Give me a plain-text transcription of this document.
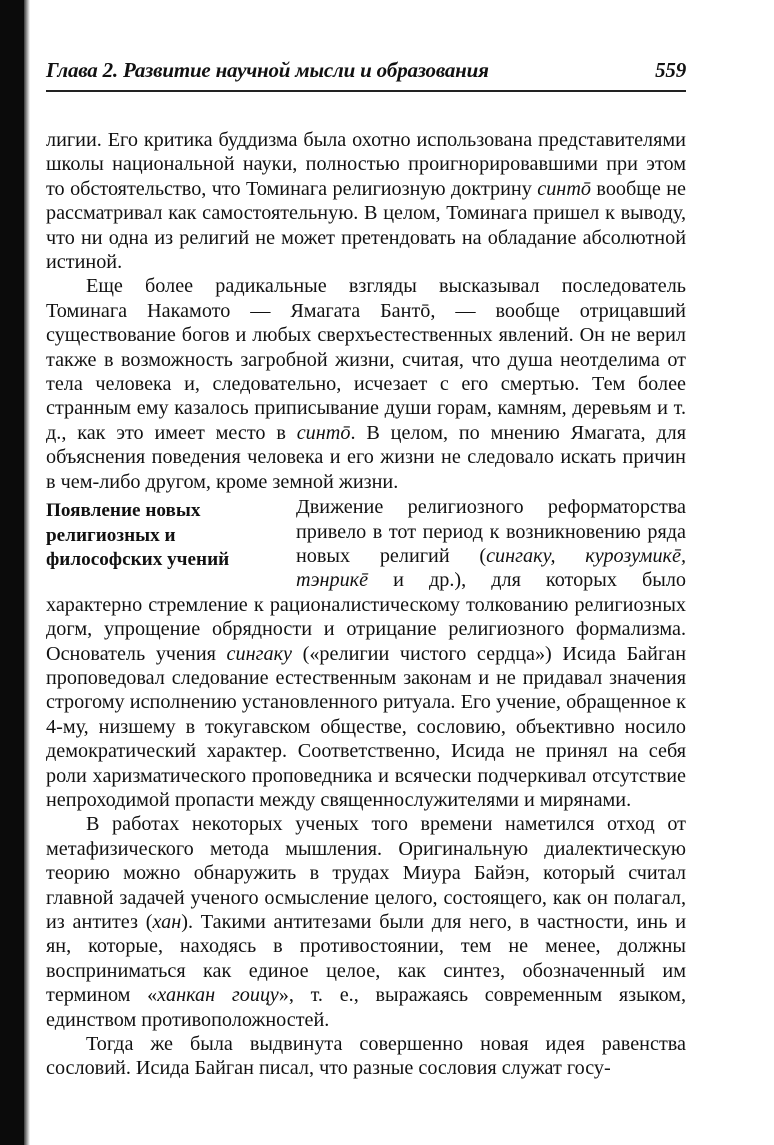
Глава 2. Развитие научной мысли и образования	559

лигии. Его критика буддизма была охотно использована представителями школы национальной науки, полностью проигнорировавшими при этом то обстоятельство, что Томинага религиозную доктрину синтō вообще не рассматривал как самостоятельную. В целом, Томинага пришел к выводу, что ни одна из религий не может претендовать на обладание абсолютной истиной.

Еще более радикальные взгляды высказывал последователь Томинага Накамото — Ямагата Бантō, — вообще отрицавший существование богов и любых сверхъестественных явлений. Он не верил также в возможность загробной жизни, считая, что душа неотделима от тела человека и, следовательно, исчезает с его смертью. Тем более странным ему казалось приписывание души горам, камням, деревьям и т. д., как это имеет место в синтō. В целом, по мнению Ямагата, для объяснения поведения человека и его жизни не следовало искать причин в чем-либо другом, кроме земной жизни.

Появление новых религиозных и философских учений
Движение религиозного реформаторства привело в тот период к возникновению ряда новых религий (сингаку, курозумикē, тэнрикē и др.), для которых было характерно стремление к рационалистическому толкованию религиозных догм, упрощение обрядности и отрицание религиозного формализма. Основатель учения сингаку («религии чистого сердца») Исида Байган проповедовал следование естественным законам и не придавал значения строгому исполнению установленного ритуала. Его учение, обращенное к 4-му, низшему в токугавском обществе, сословию, объективно носило демократический характер. Соответственно, Исида не принял на себя роли харизматического проповедника и всячески подчеркивал отсутствие непроходимой пропасти между священнослужителями и мирянами.

В работах некоторых ученых того времени наметился отход от метафизического метода мышления. Оригинальную диалектическую теорию можно обнаружить в трудах Миура Байэн, который считал главной задачей ученого осмысление целого, состоящего, как он полагал, из антитез (хан). Такими антитезами были для него, в частности, инь и ян, которые, находясь в противостоянии, тем не менее, должны восприниматься как единое целое, как синтез, обозначенный им термином «ханкан гоицу», т. е., выражаясь современным языком, единством противоположностей.

Тогда же была выдвинута совершенно новая идея равенства сословий. Исида Байган писал, что разные сословия служат госу-
